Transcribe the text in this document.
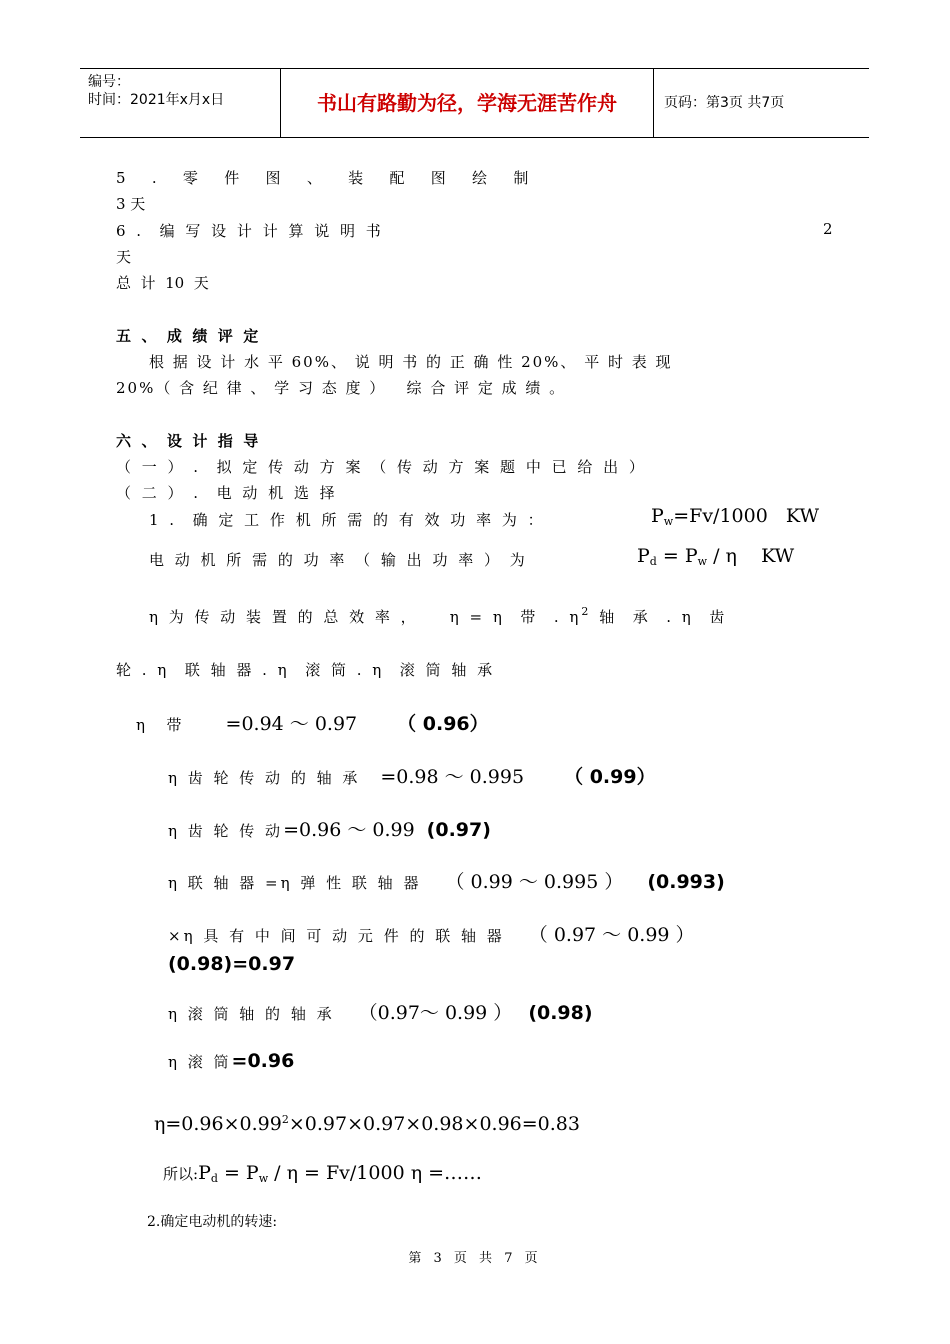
编号：
时间：2021年x月x日	书山有路勤为径，学海无涯苦作舟	页码：第3页 共7页
5   .   零   件   图   、   装   配   图   绘   制
3 天
6 .  编 写 设 计 计 算 说 明 书	2
天
总  计  10  天
五  、  成  绩  评  定
根 据 设 计 水 平 60%、 说 明 书 的 正 确 性 20%、 平 时 表 现
20%（ 含 纪 律 、 学 习 态 度 ）   综 合 评 定 成 绩 。
六  、  设  计  指  导
（ 一 ） .  拟 定 传 动 方 案 （ 传 动 方 案 题 中 已 给 出 ）
（ 二 ） .  电 动 机 选 择
1 .  确 定 工 作 机 所 需 的 有 效 功 率 为 ：	$P_w=Fv/1000$   KW
电 动 机 所 需 的 功 率 （ 输 出 功 率 ） 为	$P_d = P_w / \eta$    KW
η 为 传 动 装 置 的 总 效 率 ，    η = η  带  . $\eta^2$ 轴  承  . η  齿
轮 . η  联 轴 器 . η  滚 筒 . η  滚 筒 轴 承
η  带 =0.94 ～ 0.97 （ 0.96）
η 齿 轮 传 动 的 轴 承 =0.98 ～ 0.995 （ 0.99）
η 齿 轮 传 动=0.96 ～ 0.99 (0.97)
η 联 轴 器 =η 弹 性 联 轴 器 （ 0.99 ～ 0.995 ） (0.993)
×η 具 有 中 间 可 动 元 件 的 联 轴 器 （ 0.97 ～ 0.99 ）
(0.98)=0.97
η 滚 筒 轴 的 轴 承 （0.97～ 0.99 ） (0.98)
η 滚 筒=0.96
$\eta=0.96\times 0.99^2\times 0.97\times 0.97\times 0.98\times 0.96=0.83$
所以$:P_d = P_w / \eta = Fv/1000$ η =……
2.确定电动机的转速:
第 3 页 共 7 页
